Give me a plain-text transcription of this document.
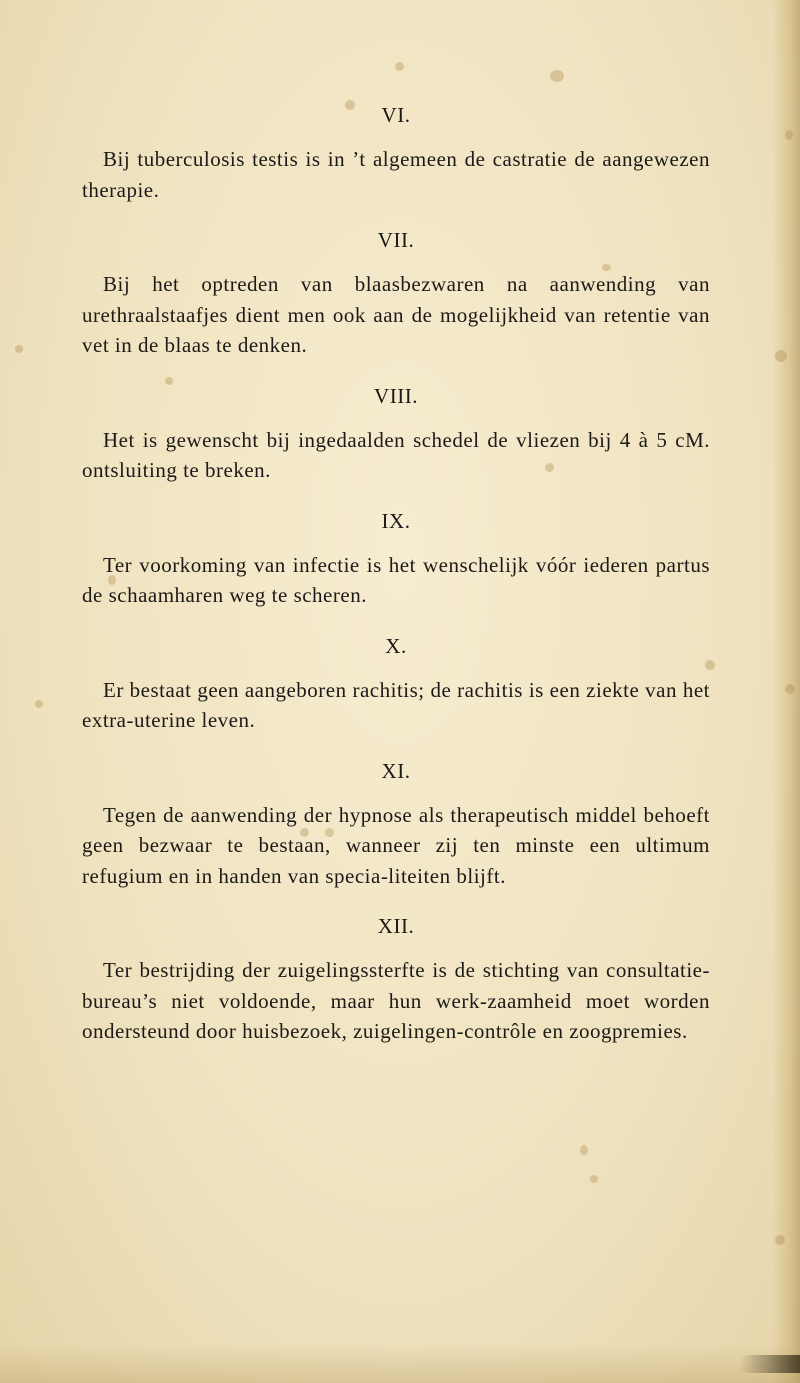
VI.

Bij tuberculosis testis is in ’t algemeen de castratie de aangewezen therapie.

VII.

Bij het optreden van blaasbezwaren na aanwending van urethraalstaafjes dient men ook aan de mogelijkheid van retentie van vet in de blaas te denken.

VIII.

Het is gewenscht bij ingedaalden schedel de vliezen bij 4 à 5 cM. ontsluiting te breken.

IX.

Ter voorkoming van infectie is het wenschelijk vóór iederen partus de schaamharen weg te scheren.

X.

Er bestaat geen aangeboren rachitis; de rachitis is een ziekte van het extra-uterine leven.

XI.

Tegen de aanwending der hypnose als therapeutisch middel behoeft geen bezwaar te bestaan, wanneer zij ten minste een ultimum refugium en in handen van specia-liteiten blijft.

XII.

Ter bestrijding der zuigelingssterfte is de stichting van consultatie-bureau’s niet voldoende, maar hun werk-zaamheid moet worden ondersteund door huisbezoek, zuigelingen-contrôle en zoogpremies.
